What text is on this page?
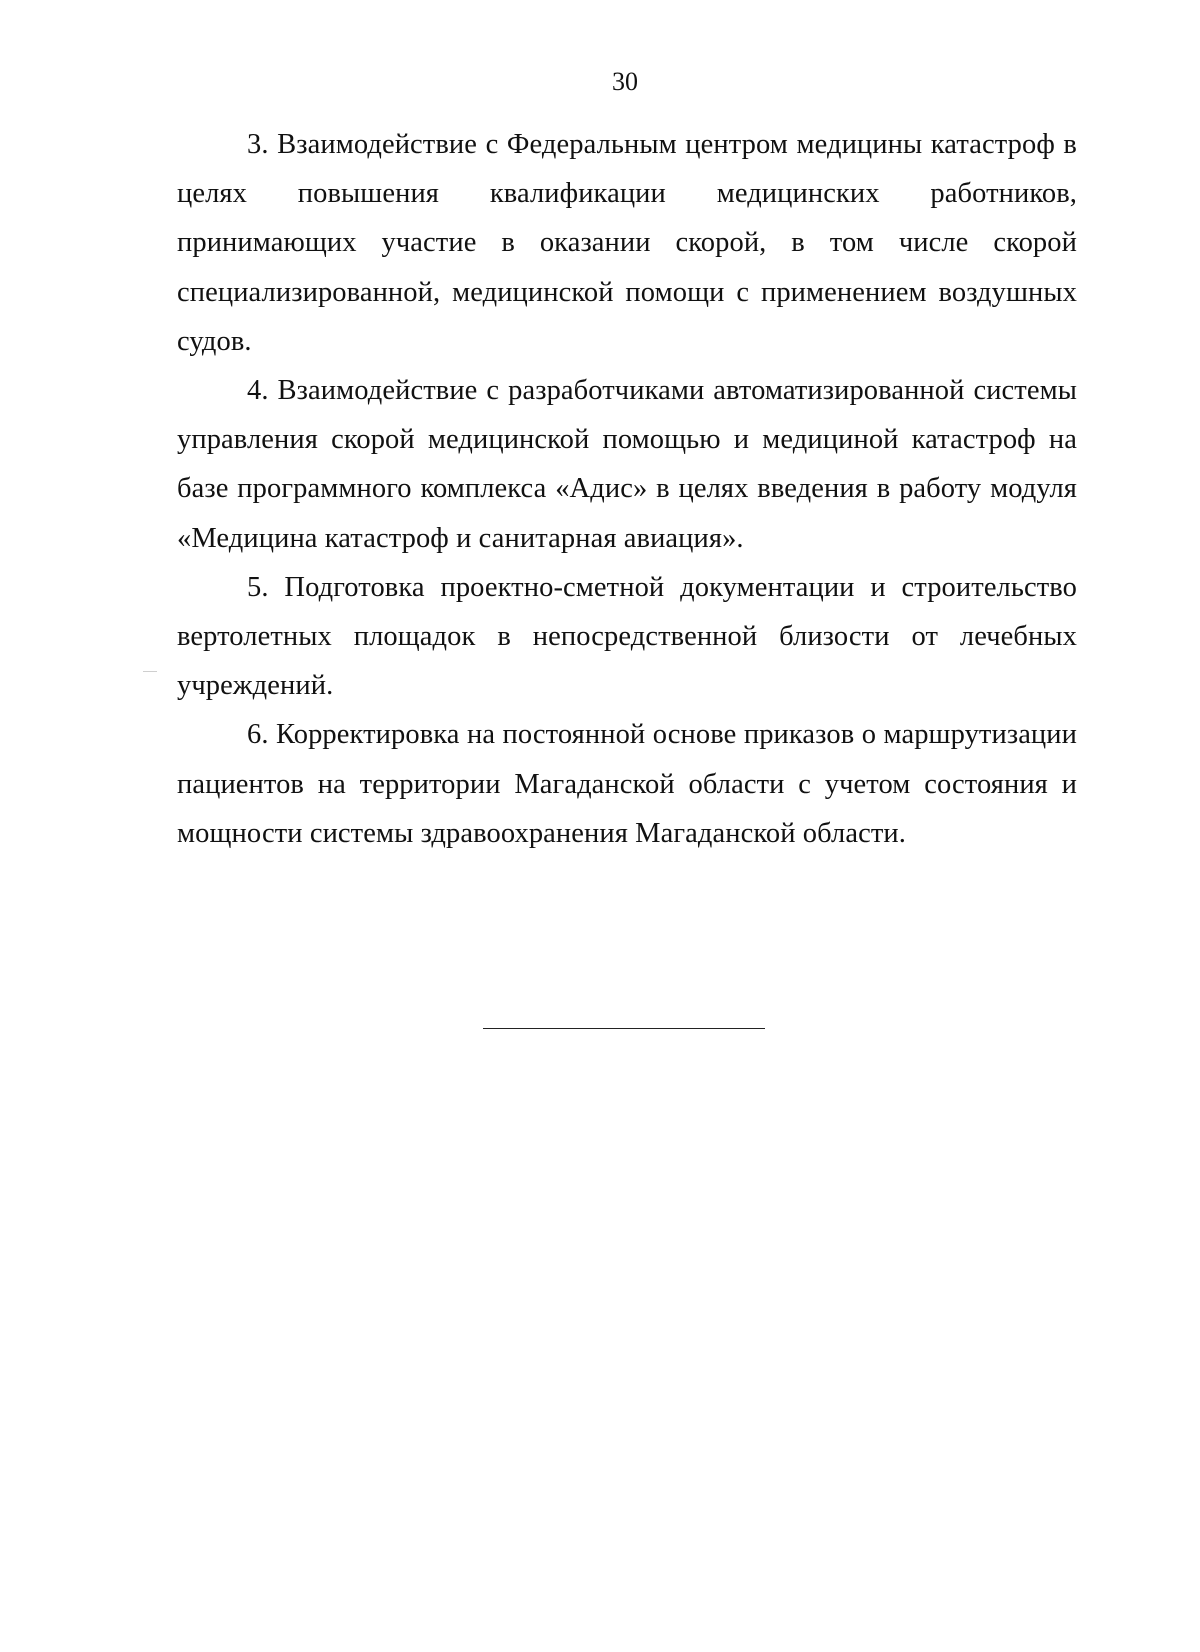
30

3. Взаимодействие с Федеральным центром медицины катастроф в целях повышения квалификации медицинских работников, принимающих участие в оказании скорой, в том числе скорой специализированной, медицинской помощи с применением воздушных судов.

4. Взаимодействие с разработчиками автоматизированной системы управления скорой медицинской помощью и медициной катастроф на базе программного комплекса «Адис» в целях введения в работу модуля «Медицина катастроф и санитарная авиация».

5. Подготовка проектно-сметной документации и строительство вертолетных площадок в непосредственной близости от лечебных учреждений.

6. Корректировка на постоянной основе приказов о маршрутизации пациентов на территории Магаданской области с учетом состояния и мощности системы здравоохранения Магаданской области.
